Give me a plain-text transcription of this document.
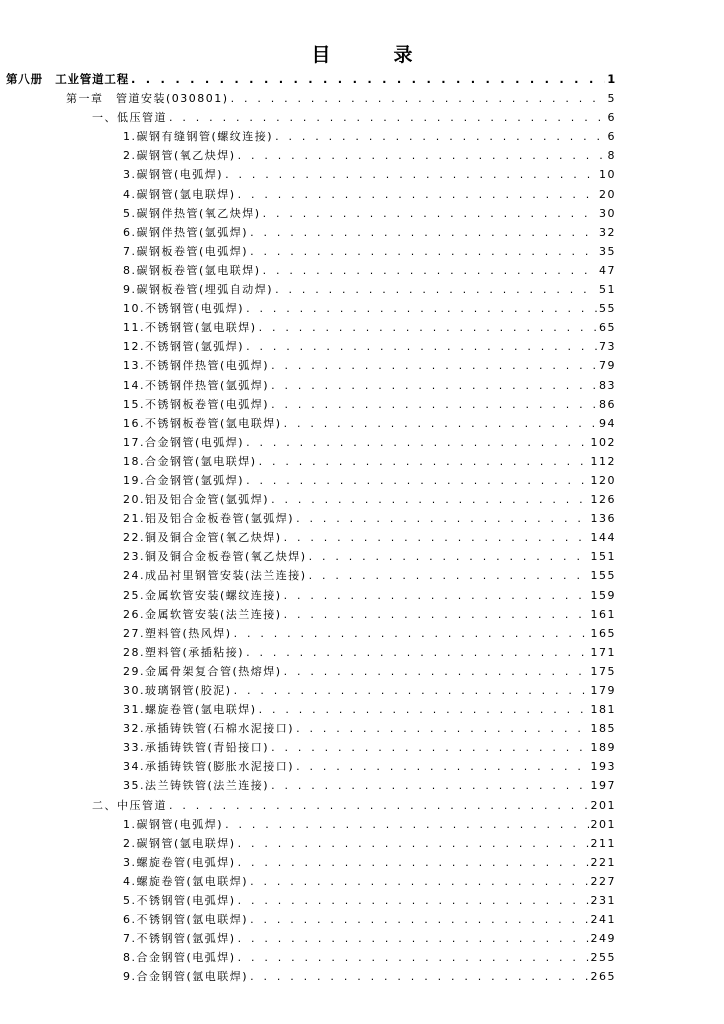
目　录
第八册　工业管道工程 . . .	1
第一章　管道安装(030801) . . .	5
一、低压管道 . . .	6
1.碳钢有缝钢管(螺纹连接) . . .	6
2.碳钢管(氧乙炔焊) . . .	8
3.碳钢管(电弧焊) . . .	10
4.碳钢管(氩电联焊) . . .	20
5.碳钢伴热管(氧乙炔焊) . . .	30
6.碳钢伴热管(氩弧焊) . . .	32
7.碳钢板卷管(电弧焊) . . .	35
8.碳钢板卷管(氩电联焊) . . .	47
9.碳钢板卷管(埋弧自动焊) . . .	51
10.不锈钢管(电弧焊) . . .	55
11.不锈钢管(氩电联焊) . . .	65
12.不锈钢管(氩弧焊) . . .	73
13.不锈钢伴热管(电弧焊) . . .	79
14.不锈钢伴热管(氩弧焊) . . .	83
15.不锈钢板卷管(电弧焊) . . .	86
16.不锈钢板卷管(氩电联焊) . . .	94
17.合金钢管(电弧焊) . . .	102
18.合金钢管(氩电联焊) . . .	112
19.合金钢管(氩弧焊) . . .	120
20.铝及铝合金管(氩弧焊) . . .	126
21.铝及铝合金板卷管(氩弧焊) . . .	136
22.铜及铜合金管(氧乙炔焊) . . .	144
23.铜及铜合金板卷管(氧乙炔焊) . . .	151
24.成品衬里钢管安装(法兰连接) . . .	155
25.金属软管安装(螺纹连接) . . .	159
26.金属软管安装(法兰连接) . . .	161
27.塑料管(热风焊) . . .	165
28.塑料管(承插粘接) . . .	171
29.金属骨架复合管(热熔焊) . . .	175
30.玻璃钢管(胶泥) . . .	179
31.螺旋卷管(氩电联焊) . . .	181
32.承插铸铁管(石棉水泥接口) . . .	185
33.承插铸铁管(青铅接口) . . .	189
34.承插铸铁管(膨胀水泥接口) . . .	193
35.法兰铸铁管(法兰连接) . . .	197
二、中压管道 . . .	201
1.碳钢管(电弧焊) . . .	201
2.碳钢管(氩电联焊) . . .	211
3.螺旋卷管(电弧焊) . . .	221
4.螺旋卷管(氩电联焊) . . .	227
5.不锈钢管(电弧焊) . . .	231
6.不锈钢管(氩电联焊) . . .	241
7.不锈钢管(氩弧焊) . . .	249
8.合金钢管(电弧焊) . . .	255
9.合金钢管(氩电联焊) . . .	265
